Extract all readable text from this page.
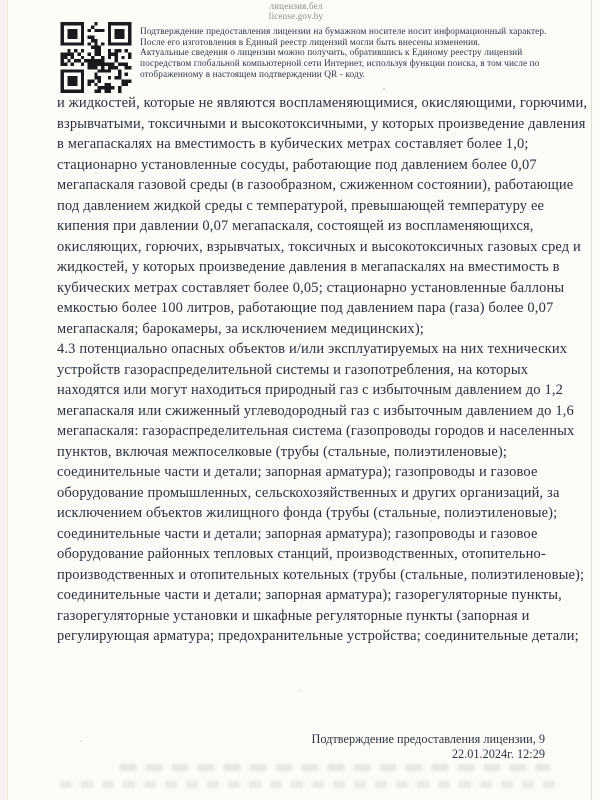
лицензия.бел
license.gov.by
Подтверждение предоставления лицензии на бумажном носителе носит информационный характер.
После его изготовления в Единый реестр лицензий могли быть внесены изменения.
Актуальные сведения о лицензии можно получить, обратившись к Единому реестру лицензий
посредством глобальной компьютерной сети Интернет, используя функции поиска, в том числе по
отображенному в настоящем подтверждении QR - коду.
и жидкостей, которые не являются воспламеняющимися, окисляющими, горючими,
взрывчатыми, токсичными и высокотоксичными, у которых произведение давления
в мегапаскалях на вместимость в кубических метрах составляет более 1,0;
стационарно установленные сосуды, работающие под давлением более 0,07
мегапаскаля газовой среды (в газообразном, сжиженном состоянии), работающие
под давлением жидкой среды с температурой, превышающей температуру ее
кипения при давлении 0,07 мегапаскаля, состоящей из воспламеняющихся,
окисляющих, горючих, взрывчатых, токсичных и высокотоксичных газовых сред и
жидкостей, у которых произведение давления в мегапаскалях на вместимость в
кубических метрах составляет более 0,05; стационарно установленные баллоны
емкостью более 100 литров, работающие под давлением пара (газа) более 0,07
мегапаскаля; барокамеры, за исключением медицинских);
4.3 потенциально опасных объектов и/или эксплуатируемых на них технических
устройств газораспределительной системы и газопотребления, на которых
находятся или могут находиться природный газ с избыточным давлением до 1,2
мегапаскаля или сжиженный углеводородный газ с избыточным давлением до 1,6
мегапаскаля: газораспределительная система (газопроводы городов и населенных
пунктов, включая межпоселковые (трубы (стальные, полиэтиленовые);
соединительные части и детали; запорная арматура); газопроводы и газовое
оборудование промышленных, сельскохозяйственных и других организаций, за
исключением объектов жилищного фонда (трубы (стальные, полиэтиленовые);
соединительные части и детали; запорная арматура); газопроводы и газовое
оборудование районных тепловых станций, производственных, отопительно-
производственных и отопительных котельных (трубы (стальные, полиэтиленовые);
соединительные части и детали; запорная арматура); газорегуляторные пункты,
газорегуляторные установки и шкафные регуляторные пункты (запорная и
регулирующая арматура; предохранительные устройства; соединительные детали;
Подтверждение предоставления лицензии, 9
22.01.2024г. 12:29
